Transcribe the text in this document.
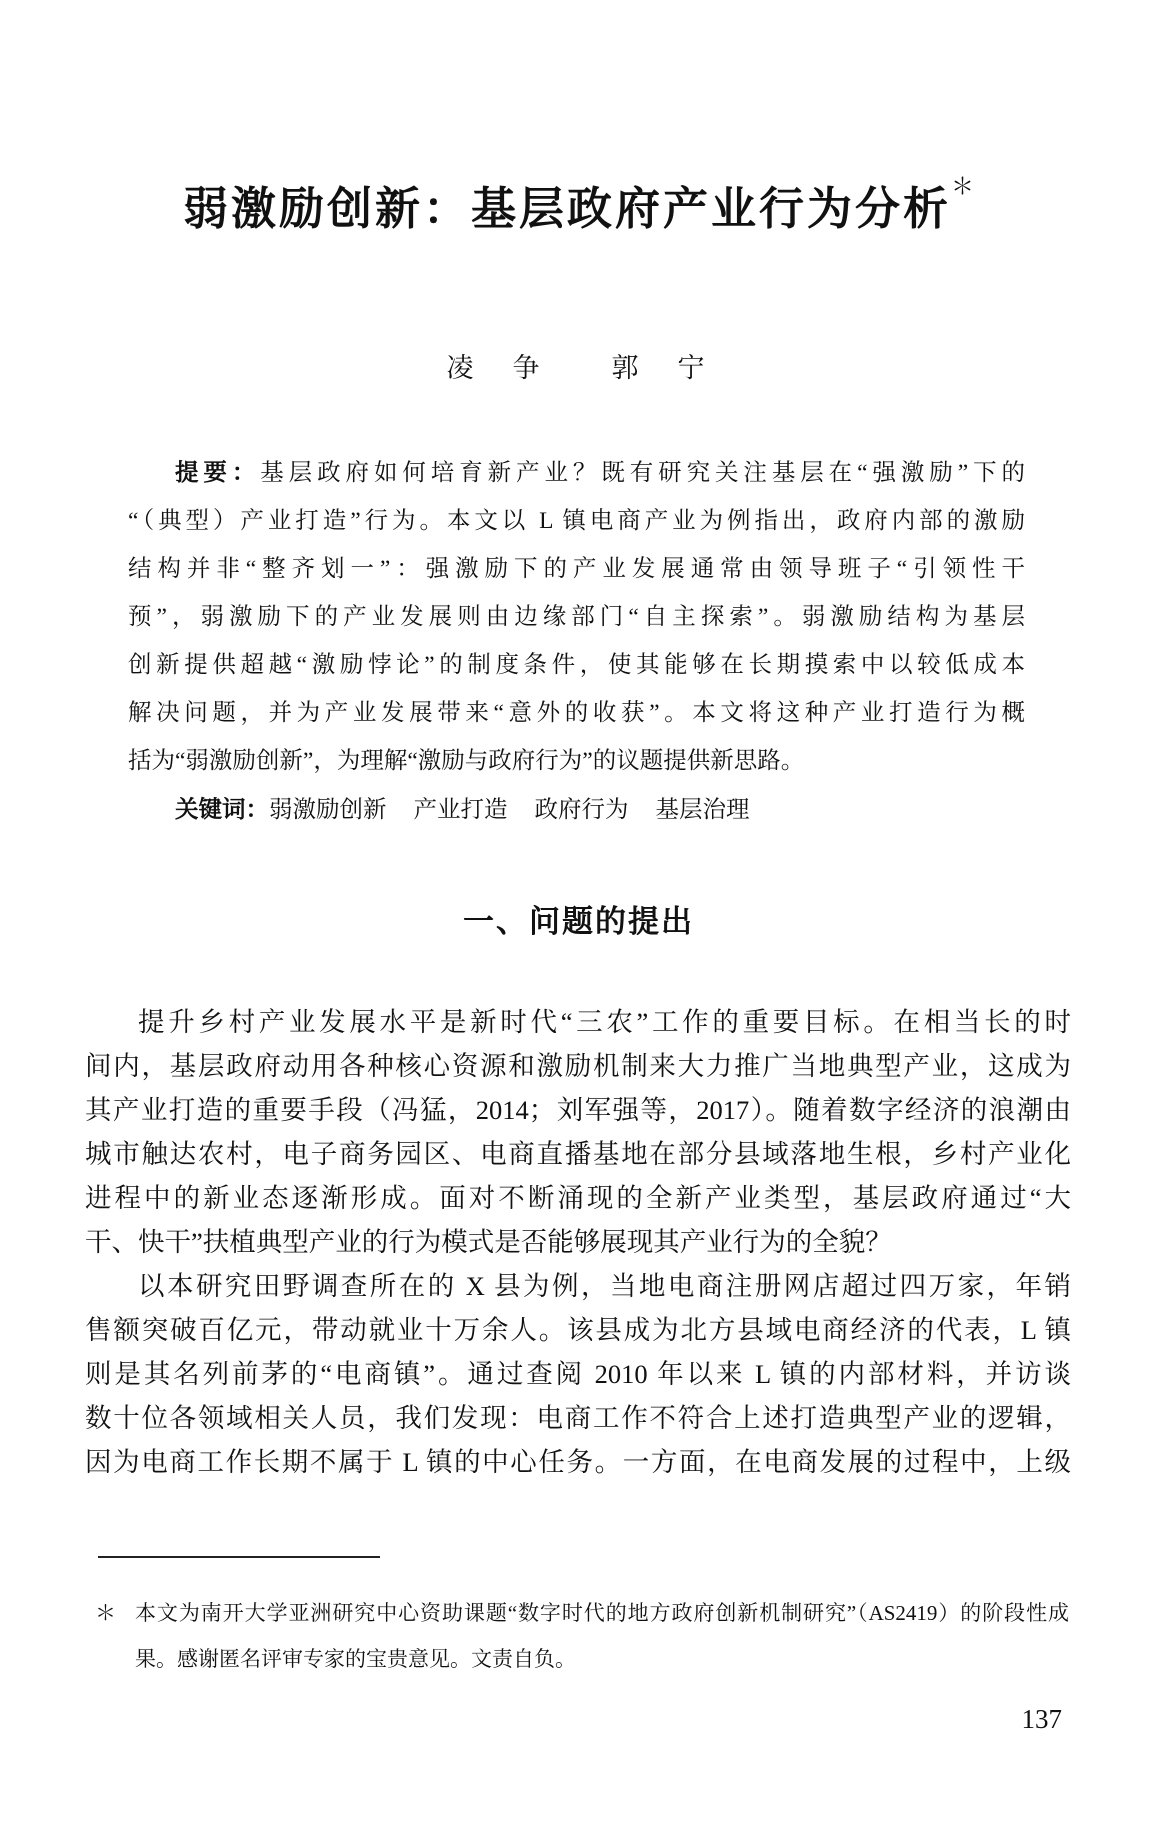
弱激励创新：基层政府产业行为分析＊
凌　争　　郭　宁
提要：基层政府如何培育新产业？既有研究关注基层在“强激励”下的
“（典型）产业打造”行为。本文以 L 镇电商产业为例指出，政府内部的激励
结构并非“整齐划一”：强激励下的产业发展通常由领导班子“引领性干
预”，弱激励下的产业发展则由边缘部门“自主探索”。弱激励结构为基层
创新提供超越“激励悖论”的制度条件，使其能够在长期摸索中以较低成本
解决问题，并为产业发展带来“意外的收获”。本文将这种产业打造行为概
括为“弱激励创新”，为理解“激励与政府行为”的议题提供新思路。
关键词：弱激励创新 产业打造 政府行为 基层治理
一、问题的提出
提升乡村产业发展水平是新时代“三农”工作的重要目标。在相当长的时
间内，基层政府动用各种核心资源和激励机制来大力推广当地典型产业，这成为
其产业打造的重要手段（冯猛，2014；刘军强等，2017）。随着数字经济的浪潮由
城市触达农村，电子商务园区、电商直播基地在部分县域落地生根，乡村产业化
进程中的新业态逐渐形成。面对不断涌现的全新产业类型，基层政府通过“大
干、快干”扶植典型产业的行为模式是否能够展现其产业行为的全貌？
以本研究田野调查所在的 X 县为例，当地电商注册网店超过四万家，年销
售额突破百亿元，带动就业十万余人。该县成为北方县域电商经济的代表，L 镇
则是其名列前茅的“电商镇”。通过查阅 2010 年以来 L 镇的内部材料，并访谈
数十位各领域相关人员，我们发现：电商工作不符合上述打造典型产业的逻辑，
因为电商工作长期不属于 L 镇的中心任务。一方面，在电商发展的过程中，上级
＊ 本文为南开大学亚洲研究中心资助课题“数字时代的地方政府创新机制研究”（AS2419）的阶段性成
果。感谢匿名评审专家的宝贵意见。文责自负。
137
